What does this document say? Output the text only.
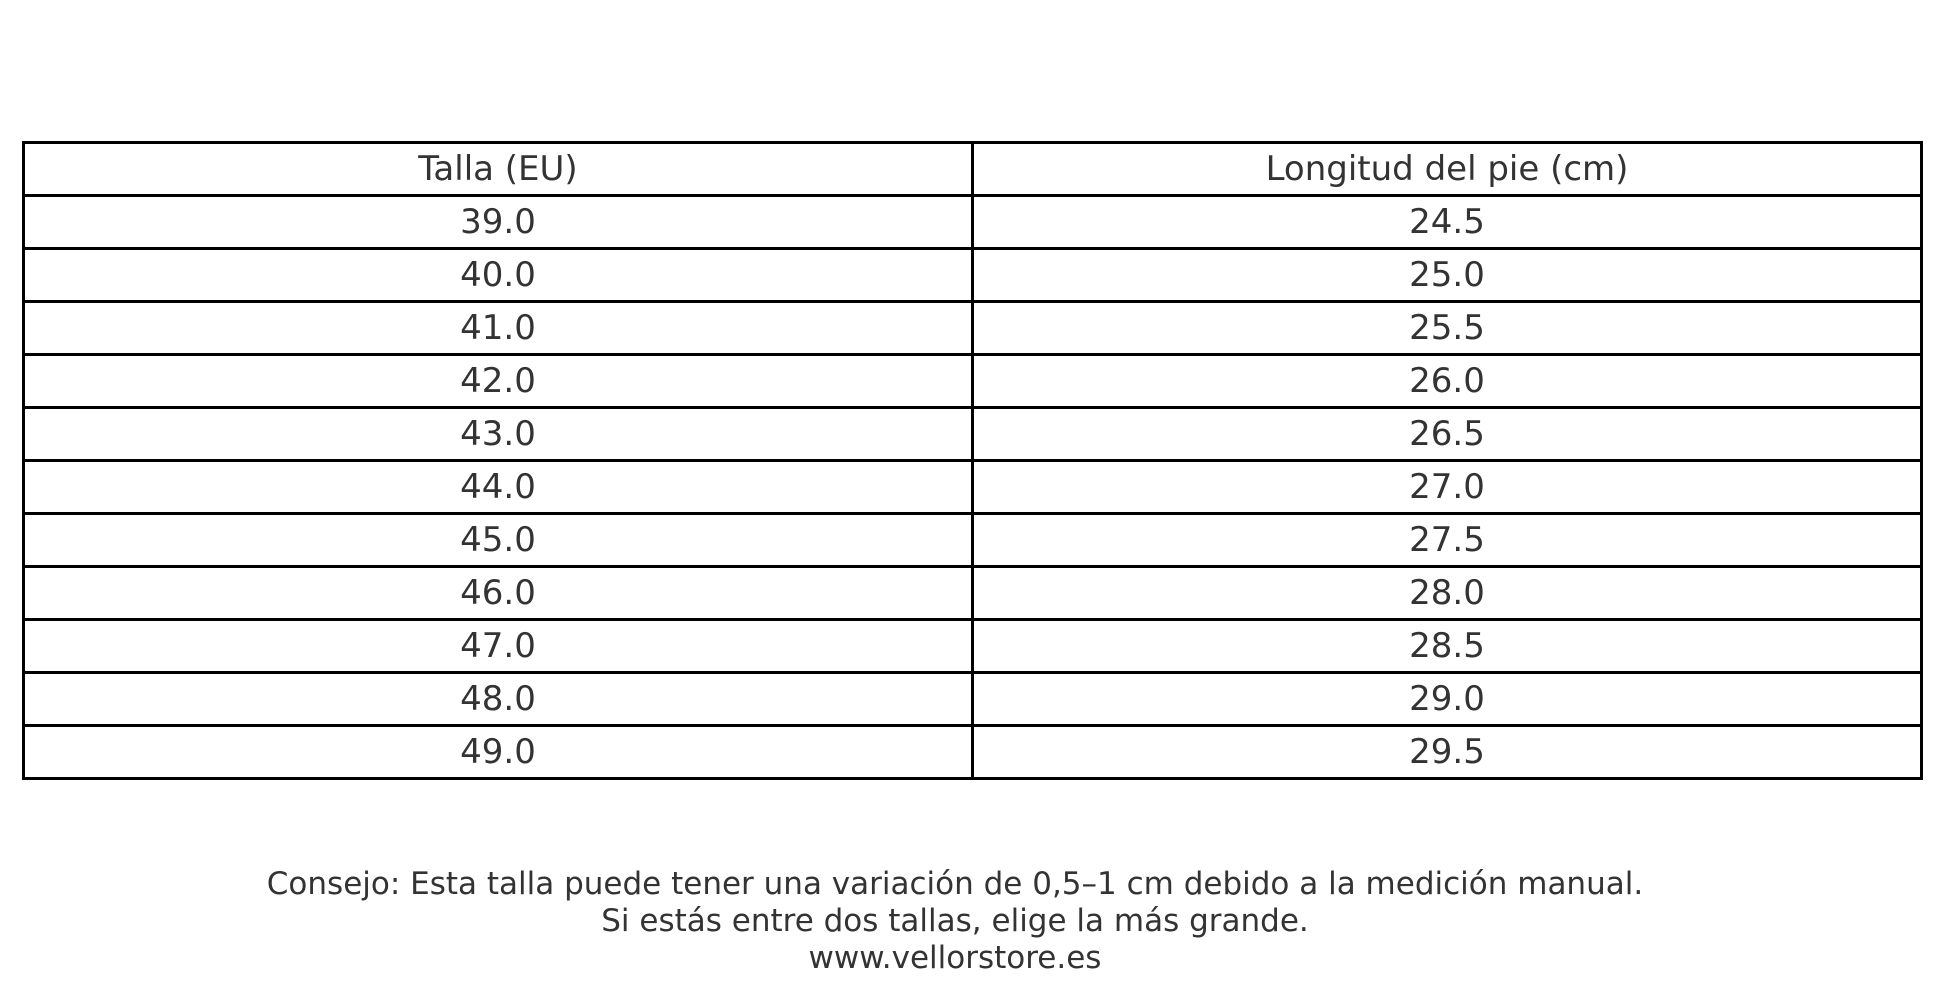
Talla (EU)	Longitud del pie (cm)
39.0	24.5
40.0	25.0
41.0	25.5
42.0	26.0
43.0	26.5
44.0	27.0
45.0	27.5
46.0	28.0
47.0	28.5
48.0	29.0
49.0	29.5
Consejo: Esta talla puede tener una variación de 0,5–1 cm debido a la medición manual.
Si estás entre dos tallas, elige la más grande.
www.vellorstore.es
